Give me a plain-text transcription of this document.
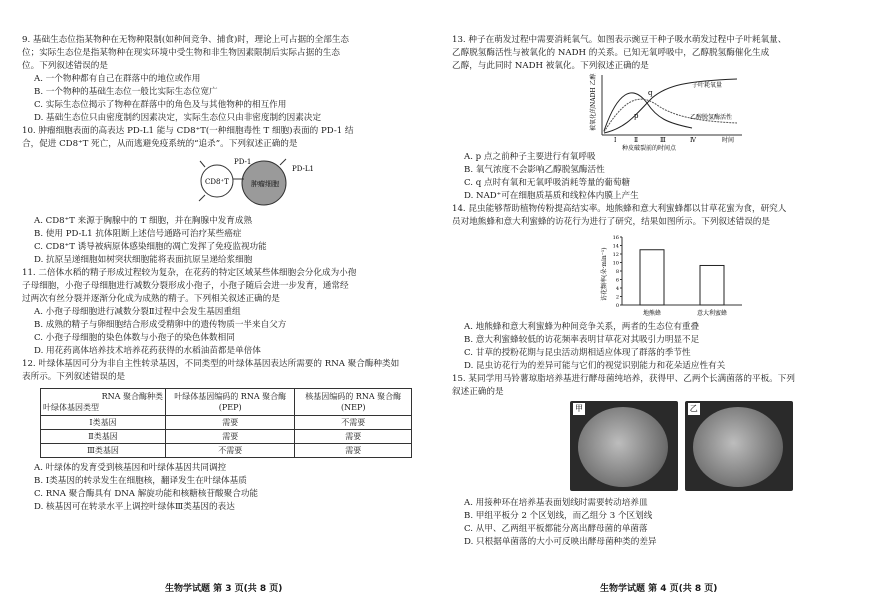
9. 基础生态位指某物种在无物种限制(如种间竞争、捕食)时，理论上可占据的全部生态
位；实际生态位是指某物种在现实环境中受生物和非生物因素限制后实际占据的生态
位。下列叙述错误的是
A. 一个物种都有自己在群落中的地位或作用
B. 一个物种的基础生态位一般比实际生态位宽广
C. 实际生态位揭示了物种在群落中的角色及与其他物种的相互作用
D. 基础生态位只由密度制约因素决定，实际生态位只由非密度制约因素决定
10. 肿瘤细胞表面的高表达 PD-L1 能与 CD8⁺T(一种细胞毒性 T 细胞)表面的 PD-1 结
合，促进 CD8⁺T 死亡，从而逃避免疫系统的“追杀”。下列叙述正确的是
CD8⁺T
PD-1
肿瘤细胞
PD-L1
A. CD8⁺T 来源于胸腺中的 T 细胞，并在胸腺中发育成熟
B. 使用 PD-L1 抗体阻断上述信号通路可治疗某些癌症
C. CD8⁺T 诱导被病原体感染细胞的凋亡发挥了免疫监视功能
D. 抗原呈递细胞如树突状细胞能将表面抗原呈递给浆细胞
11. 二倍体水稻的精子形成过程较为复杂，在花药的特定区域某些体细胞会分化成为小孢
子母细胞，小孢子母细胞进行减数分裂形成小孢子，小孢子随后会进一步发育，通常经
过两次有丝分裂并逐渐分化成为成熟的精子。下列相关叙述正确的是
A. 小孢子母细胞进行减数分裂Ⅱ过程中会发生基因重组
B. 成熟的精子与卵细胞结合形成受精卵中的遗传物质一半来自父方
C. 小孢子母细胞的染色体数与小孢子的染色体数相同
D. 用花药离体培养技术培养花药获得的水稻油苗都是单倍体
12. 叶绿体基因可分为非自主性转录基因，不同类型的叶绿体基因表达所需要的 RNA 聚合酶种类如
表所示。下列叙述错误的是
RNA 聚合酶种类
叶绿体基因类型	叶绿体基因编码的 RNA 聚合酶(PEP)	核基因编码的 RNA 聚合酶(NEP)
Ⅰ类基因	需要	不需要
Ⅱ类基因	需要	需要
Ⅲ类基因	不需要	需要
A. 叶绿体的发育受到核基因和叶绿体基因共同调控
B. Ⅰ类基因的转录发生在细胞核，翻译发生在叶绿体基质
C. RNA 聚合酶具有 DNA 解旋功能和核糖核苷酸聚合功能
D. 核基因可在转录水平上调控叶绿体Ⅲ类基因的表达
生物学试题 第 3 页(共 8 页)
13. 种子在萌发过程中需要消耗氧气。如图表示豌豆干种子吸水萌发过程中子叶耗氧量、
乙醇脱氢酶活性与被氧化的 NADH 的关系。已知无氧呼吸中，乙醇脱氢酶催化生成
乙醇，与此同时 NADH 被氧化。下列叙述正确的是
被氧化的NADH 乙醇脱氢酶活性	子叶耗氧量
乙醇脱氢酶活性
p
q
Ⅰ	Ⅱ	Ⅲ	Ⅳ	时间
种皮破裂前的时间点
A. p 点之前种子主要进行有氧呼吸
B. 氧气浓度不会影响乙醇脱氢酶活性
C. q 点时有氧和无氧呼吸消耗等量的葡萄糖
D. NAD⁺可在细胞质基质和线粒体内膜上产生
14. 昆虫能够帮助植物传粉提高结实率。地熊蜂和意大利蜜蜂都以甘草花蜜为食，研究人
员对地熊蜂和意大利蜜蜂的访花行为进行了研究，结果如图所示。下列叙述错误的是
访花频率(朵·min⁻¹)
0
2
4
6
8
10
12
14
16
地熊蜂	意大利蜜蜂
A. 地熊蜂和意大利蜜蜂为种间竞争关系，两者的生态位有重叠
B. 意大利蜜蜂较低的访花频率表明甘草花对其吸引力明显不足
C. 甘草的授粉花期与昆虫活动期相适应体现了群落的季节性
D. 昆虫访花行为的差异可能与它们的视觉识别能力和花朵适应性有关
15. 某同学用马铃薯琼脂培养基进行酵母菌纯培养，获得甲、乙两个长满菌落的平板。下列
叙述正确的是
甲
	乙
A. 用接种环在培养基表面划线时需要转动培养皿
B. 甲组平板分 2 个区划线，而乙组分 3 个区划线
C. 从甲、乙两组平板都能分离出酵母菌的单菌落
D. 只根据单菌落的大小可反映出酵母菌种类的差异
生物学试题 第 4 页(共 8 页)
